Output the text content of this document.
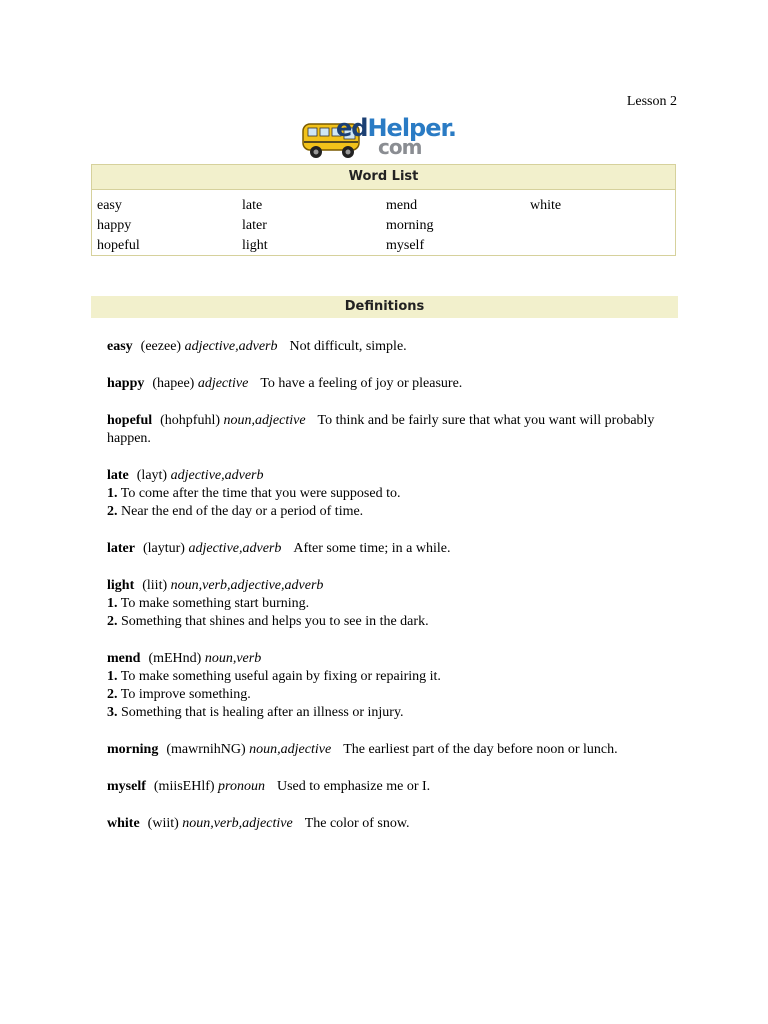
Lesson 2
edHelper.
com
Word List
easy
happy
hopeful
late
later
light
mend
morning
myself
white
Definitions
easy (eezee) adjective,adverb Not difficult, simple.
happy (hapee) adjective To have a feeling of joy or pleasure.
hopeful (hohpfuhl) noun,adjective To think and be fairly sure that what you want will probably happen.
late (layt) adjective,adverb
1. To come after the time that you were supposed to.
2. Near the end of the day or a period of time.
later (laytur) adjective,adverb After some time; in a while.
light (liit) noun,verb,adjective,adverb
1. To make something start burning.
2. Something that shines and helps you to see in the dark.
mend (mEHnd) noun,verb
1. To make something useful again by fixing or repairing it.
2. To improve something.
3. Something that is healing after an illness or injury.
morning (mawrnihNG) noun,adjective The earliest part of the day before noon or lunch.
myself (miisEHlf) pronoun Used to emphasize me or I.
white (wiit) noun,verb,adjective The color of snow.
